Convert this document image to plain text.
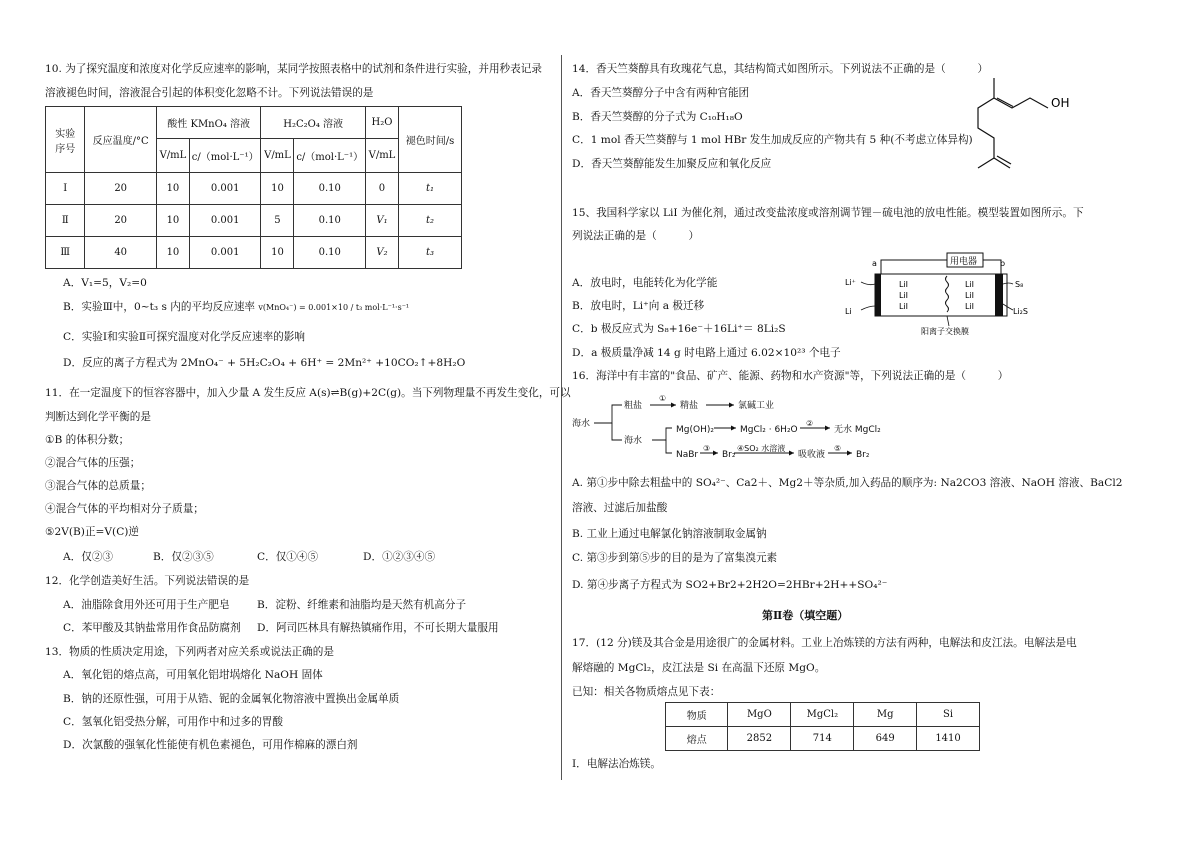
10. 为了探究温度和浓度对化学反应速率的影响，某同学按照表格中的试剂和条件进行实验，并用秒表记录
溶液褪色时间，溶液混合引起的体积变化忽略不计。下列说法错误的是
实验
序号	反应温度/°C	酸性 KMnO₄ 溶液		H₂C₂O₄ 溶液		H₂O	褪色时间/s
		V/mL	c/（mol·L⁻¹）	V/mL	c/（mol·L⁻¹）	V/mL	
Ⅰ	20	10	0.001	10	0.10	0	t₁
Ⅱ	20	10	0.001	5	0.10	V₁	t₂
Ⅲ	40	10	0.001	10	0.10	V₂	t₃
A．V₁=5，V₂=0
B．实验Ⅲ中，0~t₃ s 内的平均反应速率 v(MnO₄⁻) = 0.001×10 / t₃ mol·L⁻¹·s⁻¹
C．实验Ⅰ和实验Ⅱ可探究温度对化学反应速率的影响
D．反应的离子方程式为 2MnO₄⁻ + 5H₂C₂O₄ + 6H⁺ = 2Mn²⁺ +10CO₂↑+8H₂O
11．在一定温度下的恒容容器中，加入少量 A 发生反应 A(s)⇌B(g)+2C(g)。当下列物理量不再发生变化，可以
判断达到化学平衡的是
①B 的体积分数；
②混合气体的压强；
③混合气体的总质量；
④混合气体的平均相对分子质量；
⑤2V(B)正=V(C)逆
A．仅②③	B．仅②③⑤	C．仅①④⑤	D．①②③④⑤
12．化学创造美好生活。下列说法错误的是
A．油脂除食用外还可用于生产肥皂	B．淀粉、纤维素和油脂均是天然有机高分子
C．苯甲酸及其钠盐常用作食品防腐剂 D．阿司匹林具有解热镇痛作用，不可长期大量服用
13．物质的性质决定用途，下列两者对应关系或说法正确的是
A．氧化铝的熔点高，可用氧化铝坩埚熔化 NaOH 固体
B．钠的还原性强，可用于从锆、铌的金属氧化物溶液中置换出金属单质
C．氢氧化铝受热分解，可用作中和过多的胃酸
D．次氯酸的强氧化性能使有机色素褪色，可用作棉麻的漂白剂
14．香天竺葵醇具有玫瑰花气息，其结构简式如图所示。下列说法不正确的是（　　　）
A．香天竺葵醇分子中含有两种官能团
B．香天竺葵醇的分子式为 C₁₀H₁₈O
C．1 mol 香天竺葵醇与 1 mol HBr 发生加成反应的产物共有 5 种(不考虑立体异构)
D．香天竺葵醇能发生加聚反应和氧化反应
OH
15、我国科学家以 LiI 为催化剂，通过改变盐浓度或溶剂调节锂－硫电池的放电性能。模型装置如图所示。下
列说法正确的是（　　　）
A．放电时，电能转化为化学能
B．放电时，Li⁺向 a 极迁移
C．b 极反应式为 S₈+16e⁻＋16Li⁺＝ 8Li₂S
D．a 极质量净减 14 g 时电路上通过 6.02×10²³ 个电子
用电器
a	b
Li⁺
Li
LiI
LiI
LiI
LiI
LiI
LiI
S₈
Li₂S
阳离子交换膜
16．海洋中有丰富的"食品、矿产、能源、药物和水产资源"等，下列说法正确的是（　　　）
海水
粗盐
①
精盐	氯碱工业
海水
Mg(OH)₂	MgCl₂ · 6H₂O
②
无水 MgCl₂
NaBr
③
Br₂
④SO₂ 水溶液
吸收液
⑤
Br₂
A. 第①步中除去粗盐中的 SO₄²⁻、Ca2＋、Mg2＋等杂质,加入药品的顺序为: Na2CO3 溶液、NaOH 溶液、BaCl2
溶液、过滤后加盐酸
B. 工业上通过电解氯化钠溶液制取金属钠
C. 第③步到第⑤步的目的是为了富集溴元素
D. 第④步离子方程式为 SO2+Br2+2H2O=2HBr+2H++SO₄²⁻
第Ⅱ卷（填空题）
17．(12 分)镁及其合金是用途很广的金属材料。工业上冶炼镁的方法有两种，电解法和皮江法。电解法是电
解熔融的 MgCl₂，皮江法是 Si 在高温下还原 MgO。
已知：相关各物质熔点见下表：
物质	MgO	MgCl₂	Mg	Si
熔点	2852	714	649	1410
Ⅰ．电解法冶炼镁。
